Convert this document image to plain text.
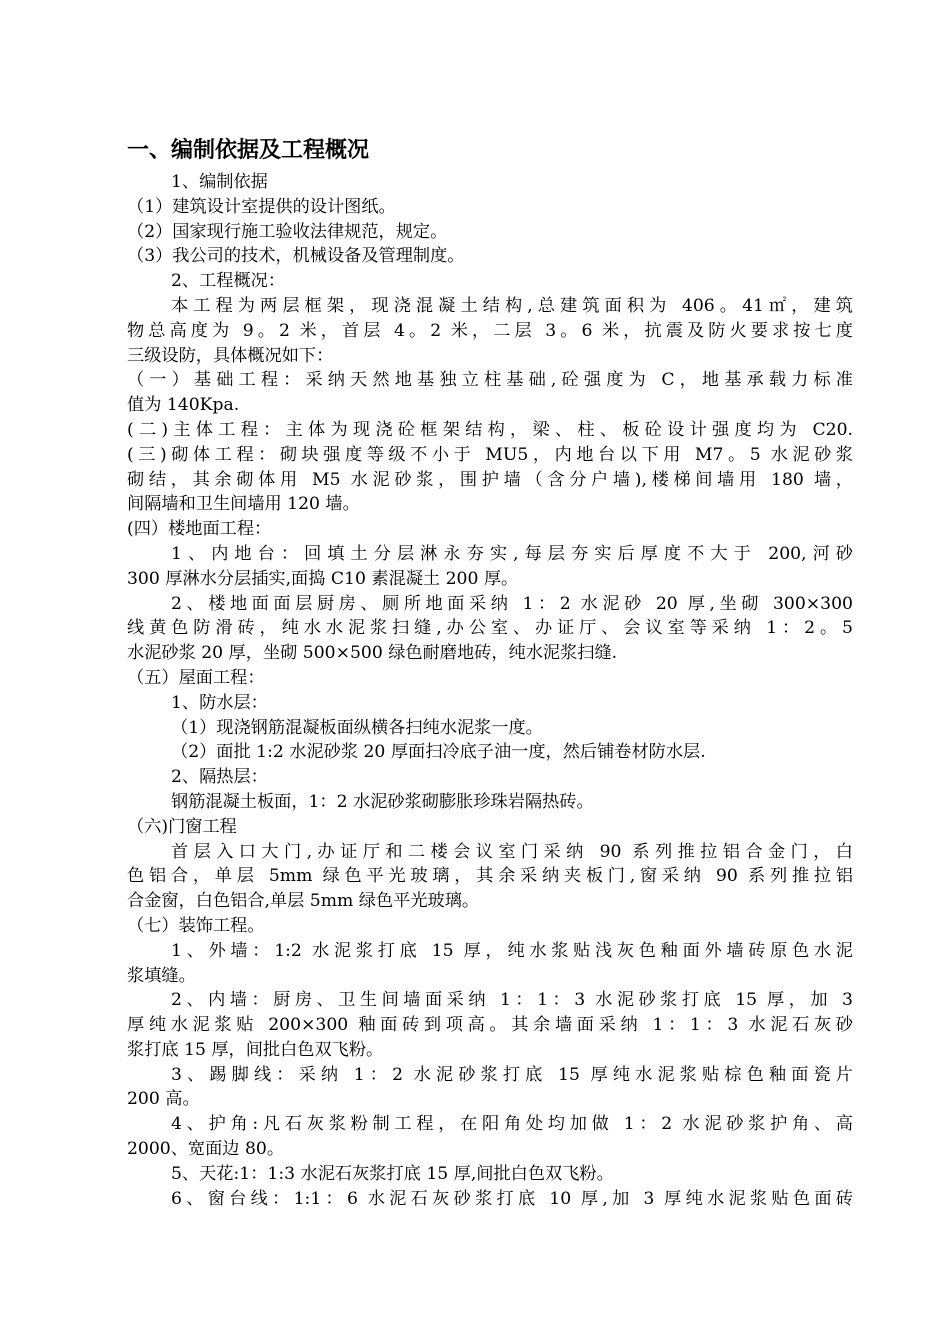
一、编制依据及工程概况
1、编制依据
（1）建筑设计室提供的设计图纸。
（2）国家现行施工验收法律规范，规定。
（3）我公司的技术，机械设备及管理制度。
2、工程概况：
本工程为两层框架，现浇混凝土结构,总建筑面积为 406。41㎡，建筑
物总高度为 9。2 米，首层 4。2 米，二层 3。6 米，抗震及防火要求按七度
三级设防，具体概况如下：
（一）基础工程：采纳天然地基独立柱基础,砼强度为 C，地基承载力标准
值为 140Kpa.
(二)主体工程：主体为现浇砼框架结构，梁、柱、板砼设计强度均为 C20.
(三)砌体工程：砌块强度等级不小于 MU5，内地台以下用 M7。5 水泥砂浆
砌结，其余砌体用 M5 水泥砂浆，围护墙（含分户墙),楼梯间墙用 180 墙，
间隔墙和卫生间墙用 120 墙。
(四）楼地面工程：
1、内地台：回填土分层淋永夯实,每层夯实后厚度不大于 200,河砂
300 厚淋水分层插实,面捣 C10 素混凝土 200 厚。
2、楼地面面层厨房、厕所地面采纳 1：2 水泥砂 20 厚,坐砌 300×300
线黄色防滑砖，纯水水泥浆扫缝,办公室、办证厅、会议室等采纳 1：2。5
水泥砂浆 20 厚，坐砌 500×500 绿色耐磨地砖，纯水泥浆扫缝.
（五）屋面工程：
1、防水层：
（1）现浇钢筋混凝板面纵横各扫纯水泥浆一度。
（2）面批 1:2 水泥砂浆 20 厚面扫冷底子油一度，然后铺卷材防水层.
2、隔热层：
钢筋混凝土板面，1：2 水泥砂浆砌膨胀珍珠岩隔热砖。
（六)门窗工程
首层入口大门,办证厅和二楼会议室门采纳 90 系列推拉铝合金门，白
色铝合，单层 5mm 绿色平光玻璃，其余采纳夹板门,窗采纳 90 系列推拉铝
合金窗，白色铝合,单层 5mm 绿色平光玻璃。
（七）装饰工程。
1、外墙：1:2 水泥浆打底 15 厚，纯水浆贴浅灰色釉面外墙砖原色水泥
浆填缝。
2、内墙：厨房、卫生间墙面采纳 1：1：3 水泥砂浆打底 15 厚，加 3
厚纯水泥浆贴 200×300 釉面砖到项高。其余墙面采纳 1：1：3 水泥石灰砂
浆打底 15 厚，间批白色双飞粉。
3、踢脚线：采纳 1：2 水泥砂浆打底 15 厚纯水泥浆贴棕色釉面瓷片
200 高。
4、护角:凡石灰浆粉制工程，在阳角处均加做 1：2 水泥砂浆护角、高
2000、宽面边 80。
5、天花:1：1:3 水泥石灰浆打底 15 厚,间批白色双飞粉。
6、窗台线：1:1：6 水泥石灰砂浆打底 10 厚,加 3 厚纯水泥浆贴色面砖
